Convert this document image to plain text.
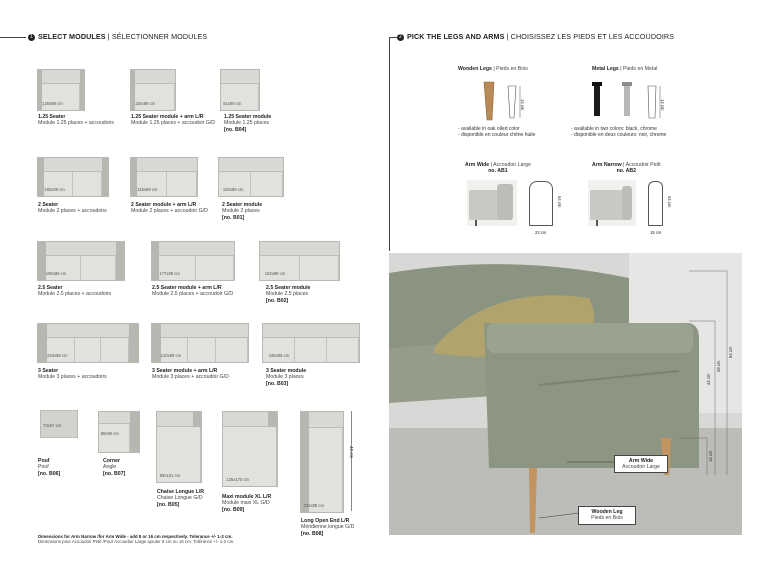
1 SELECT MODULES | SÉLECTIONNER MODULES	2 PICK THE LEGS AND ARMS | CHOISISSEZ LES PIEDS ET LES ACCOUDOIRS
126x89 cm	116x89 cm	81x89 cm
180x89 cm	145x89 cm	130x89 cm
190x89 cm	177x89 cm	162x89 cm
223x89 cm	210x89 cm	195x89 cm
73x67 cm
89x89 cm
89x161 cm
125x175 cm
222x89 cm
42 cm
1.25 Seater
Module 1.25 places + accoudoirs
1.25 Seater module + arm L/R
Module 1.25 places + accoudoir G/D
1.25 Seater module
Module 1.25 places
[no. B04]
2 Seater
Module 2 places + accoudoirs
2 Seater module + arm L/R
Module 2 places + accoudoir G/D
2 Seater module
Module 2 places
[no. B01]
2.5 Seater
Module 2.5 places + accoudoirs
2.5 Seater module + arm L/R
Module 2.5 places + accoudoir G/D
2.5 Seater module
Module 2.5 places
[no. B02]
3 Seater
Module 3 places + accoudoirs
3 Seater module + arm L/R
Module 3 places + accoudoir G/D
3 Seater module
Module 3 places
[no. B03]
Pouf
Pouf
[no. B06]
Corner
Angle
[no. B07]
Chaise Longue L/R
Chaise Longue G/D
[no. B05]
Maxi module XL L/R
Module maxi XL G/D
[no. B09]
Long Open End L/R
Méridienne longue G/D
[no. B08]
Dimensions for Arm Narrow /for Arm Wide - add 8 or 16 cm respectively. Tolerance +/- 1-2 cm.
Dimensions pour Accoudoir Petit /Pour Accoudoir Large ajouter 8 cm ou 16 cm. Tolérance +/- 1-2 cm.
Wooden Legs | Pieds en Bois
14 cm
- available in oak oiled color
- disponible en couleur chêne huile
Metal Legs | Pieds en Metal
14 cm
- available in two colors: black, chrome
- disponible en deux couleurs: noir, chrome
Arm Wide | Accoudoir Large
no. AB1
23 cm
64 cm
Arm Narrow | Accoudoir Petit
no. AB2
15 cm
64 cm
44 cm
49 cm
64 cm
14 cm
Arm Wide
Accoudoir Large
Wooden Leg
Pieds en Bois
